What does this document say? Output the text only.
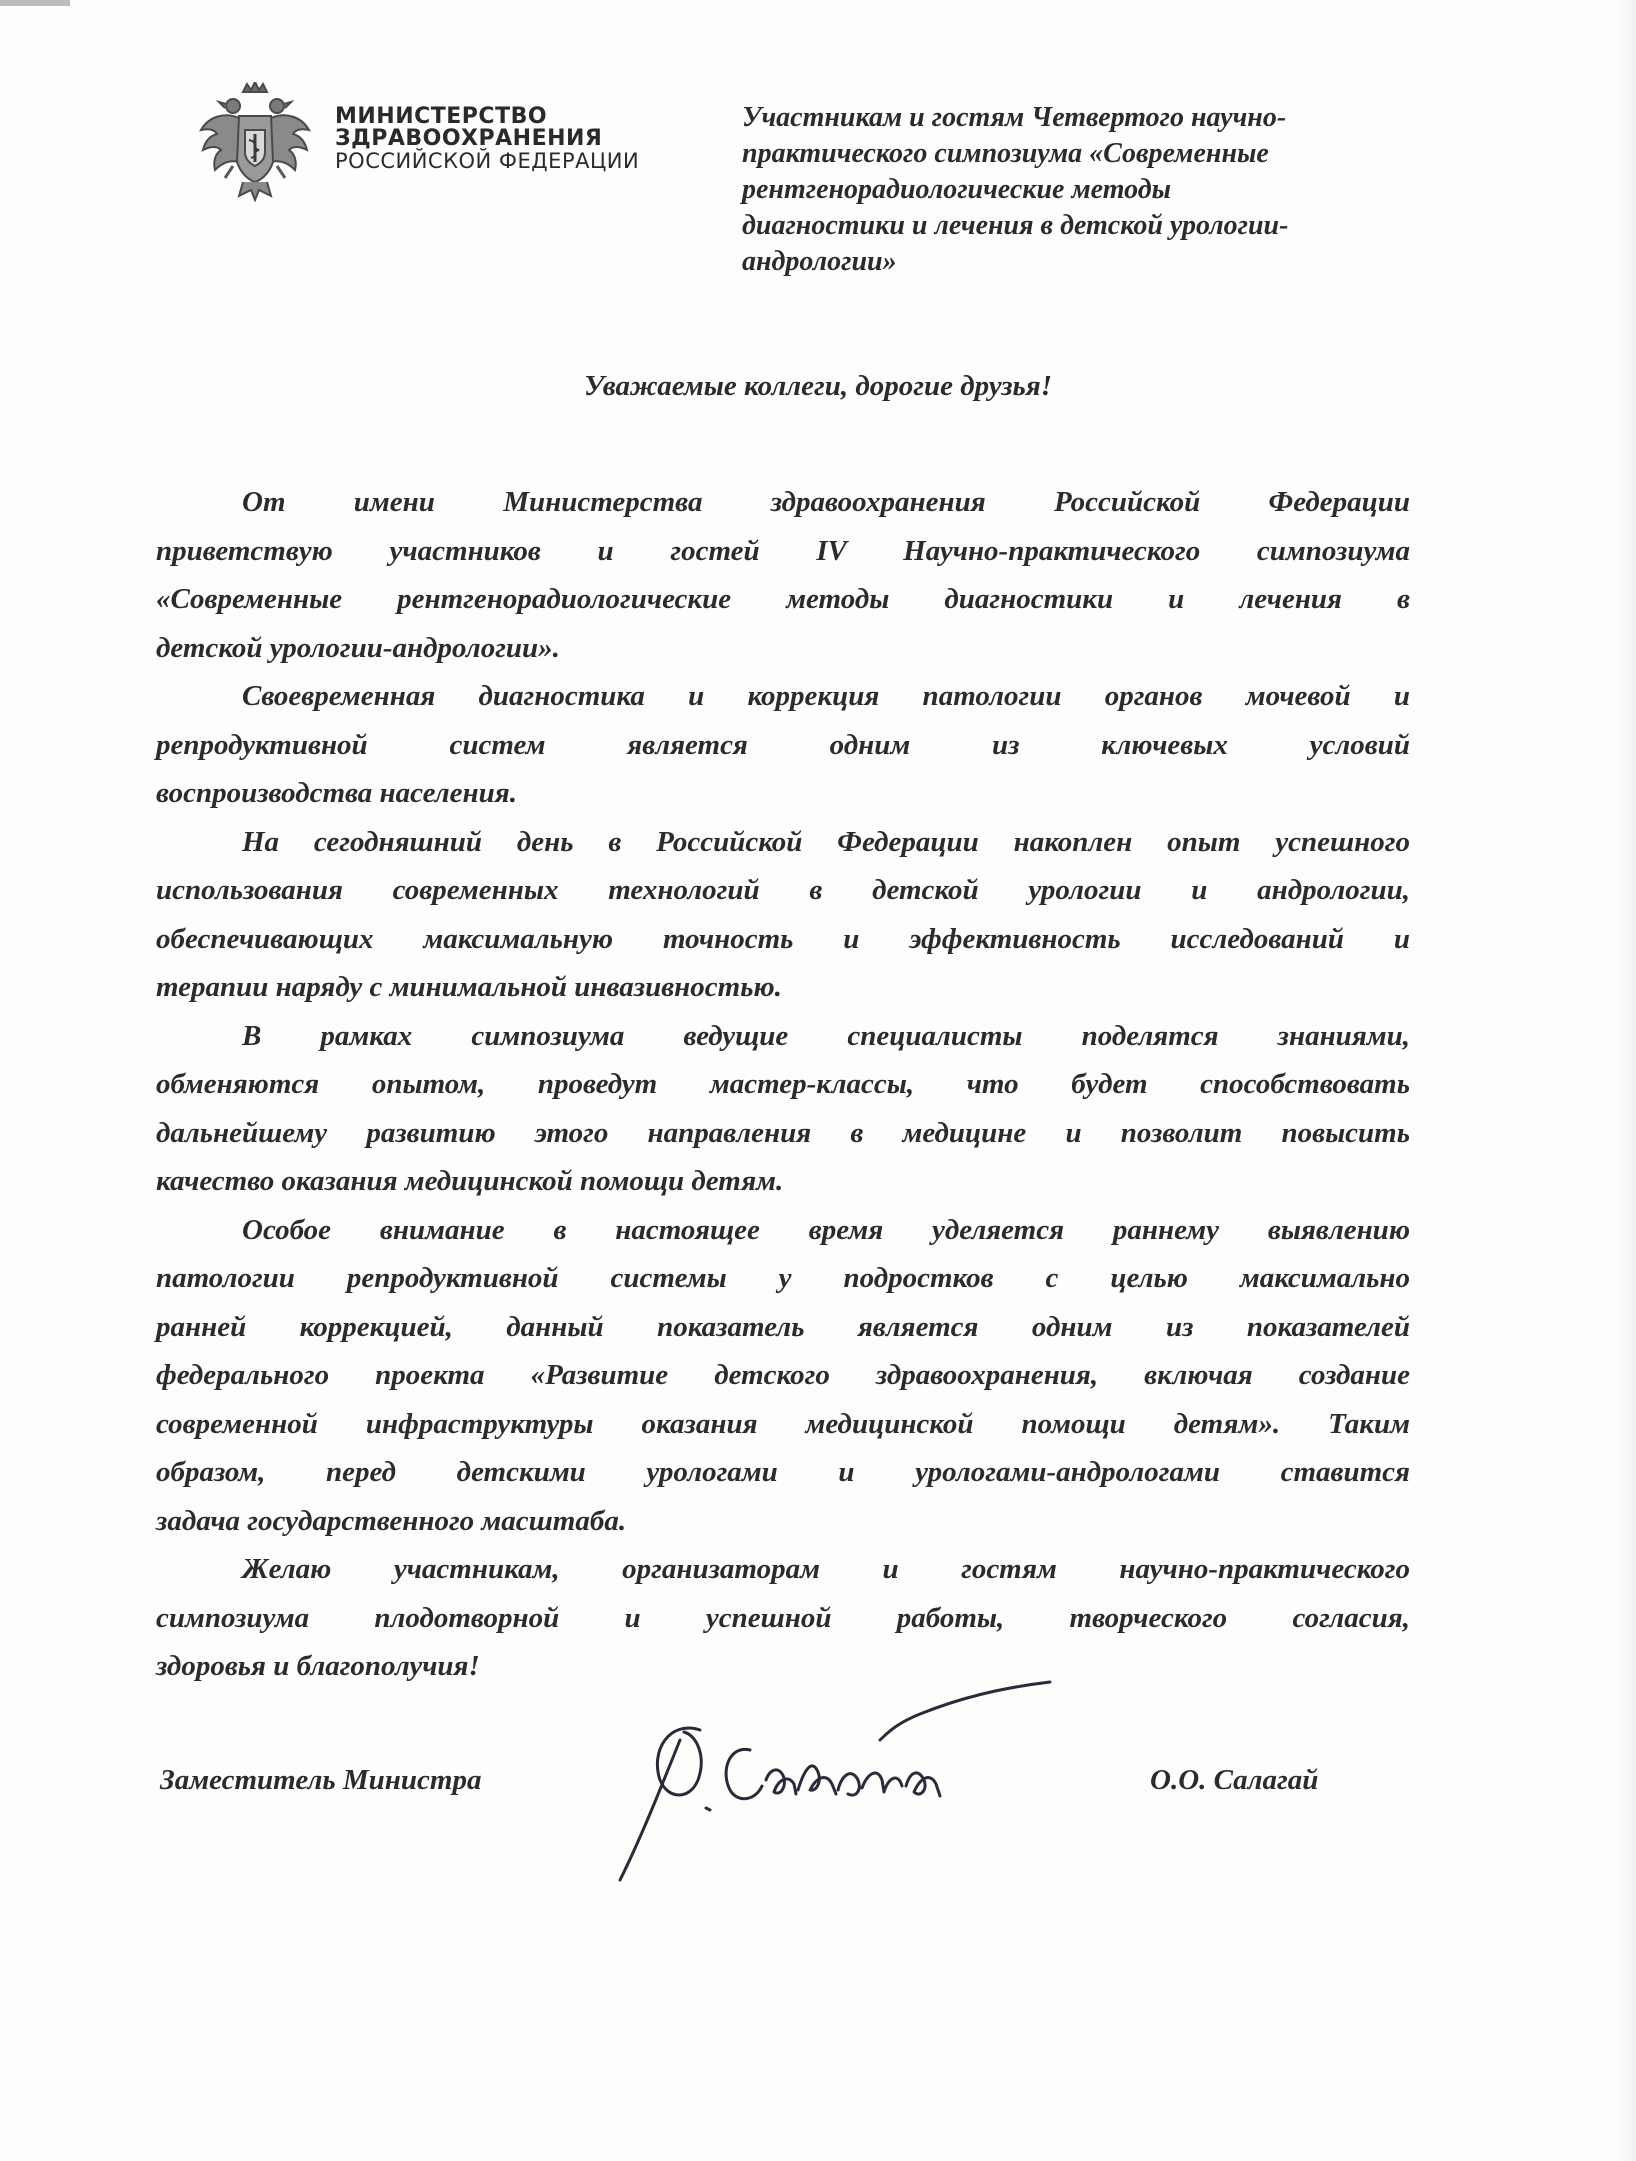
МИНИСТЕРСТВО
ЗДРАВООХРАНЕНИЯ
РОССИЙСКОЙ ФЕДЕРАЦИИ
Участникам и гостям Четвертого научно-
практического симпозиума «Современные
рентгенорадиологические методы
диагностики и лечения в детской урологии-
андрологии»
Уважаемые коллеги, дорогие друзья!
От имени Министерства здравоохранения Российской Федерации
приветствую участников и гостей IV Научно-практического симпозиума
«Современные рентгенорадиологические методы диагностики и лечения в
детской урологии-андрологии».
Своевременная диагностика и коррекция патологии органов мочевой и
репродуктивной систем является одним из ключевых условий
воспроизводства населения.
На сегодняшний день в Российской Федерации накоплен опыт успешного
использования современных технологий в детской урологии и андрологии,
обеспечивающих максимальную точность и эффективность исследований и
терапии наряду с минимальной инвазивностью.
В рамках симпозиума ведущие специалисты поделятся знаниями,
обменяются опытом, проведут мастер-классы, что будет способствовать
дальнейшему развитию этого направления в медицине и позволит повысить
качество оказания медицинской помощи детям.
Особое внимание в настоящее время уделяется раннему выявлению
патологии репродуктивной системы у подростков с целью максимально
ранней коррекцией, данный показатель является одним из показателей
федерального проекта «Развитие детского здравоохранения, включая создание
современной инфраструктуры оказания медицинской помощи детям». Таким
образом, перед детскими урологами и урологами-андрологами ставится
задача государственного масштаба.
Желаю участникам, организаторам и гостям научно-практического
симпозиума плодотворной и успешной работы, творческого согласия,
здоровья и благополучия!
Заместитель Министра	О.О. Салагай
